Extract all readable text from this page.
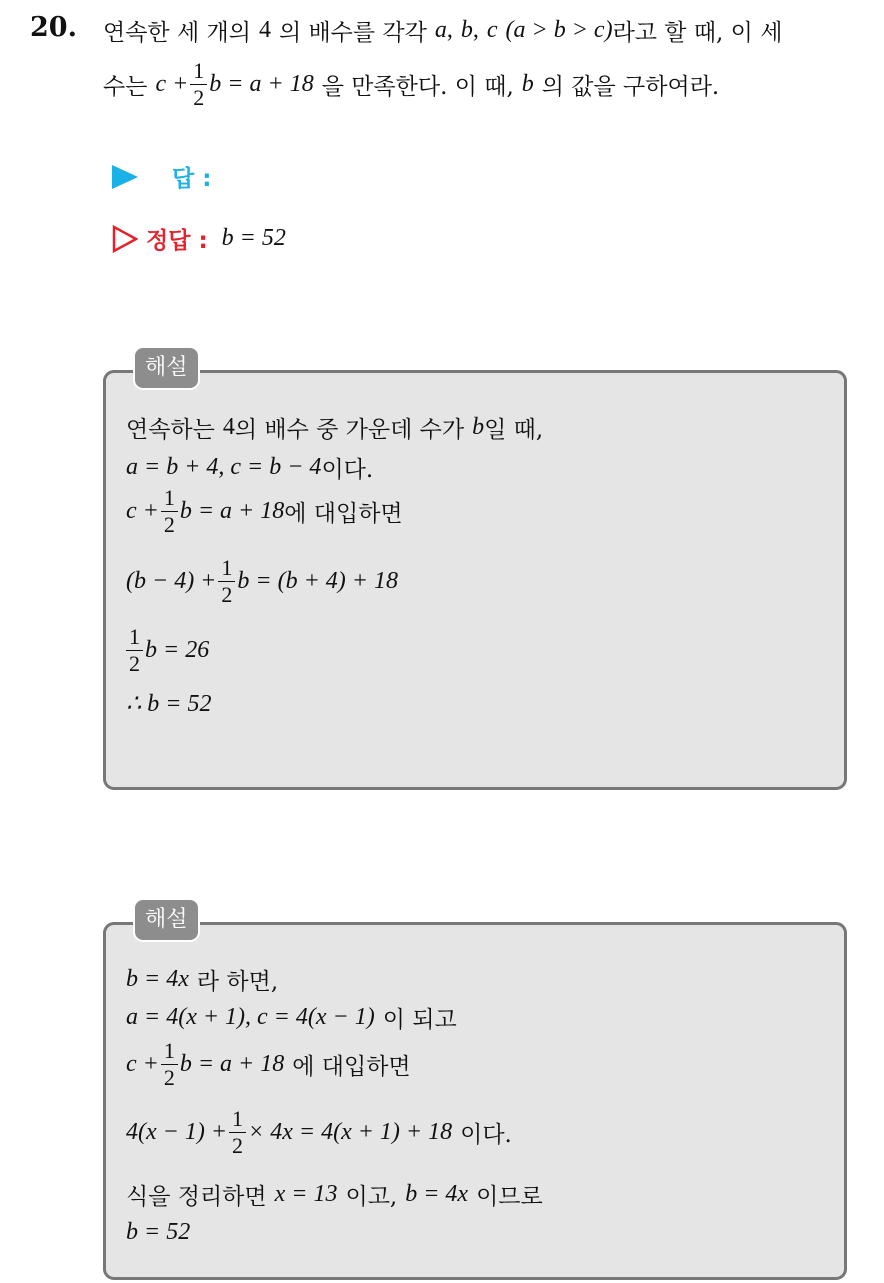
20. 연속한 세 개의 4 의 배수를 각각 a , b , c (a > b > c) 라고 할 때, 이 세
수는 $c + \frac{1}{2}$ b = a + 18 을 만족한다. 이 때, b 의 값을 구하여라.
답 :
정답 : b = 52
해설
연속하는 4 의 배수 중 가운데 수가 b 일 때,
a = b + 4, c = b − 4 이다.
$c + \frac{1}{2}$ b = a + 18 에 대입하면
$(b - 4) + \frac{1}{2}$ b = (b + 4) + 18
$\frac{1}{2}$ b = 26
∴ b = 52
해설
b = 4x 라 하면,
a = 4(x + 1), c = 4(x − 1) 이 되고
$c + \frac{1}{2}$ b = a + 18 에 대입하면
$4(x - 1) + \frac{1}{2} \times 4x = 4(x + 1) + 18$ 이다.
식을 정리하면 x = 13 이고, b = 4x 이므로
b = 52
